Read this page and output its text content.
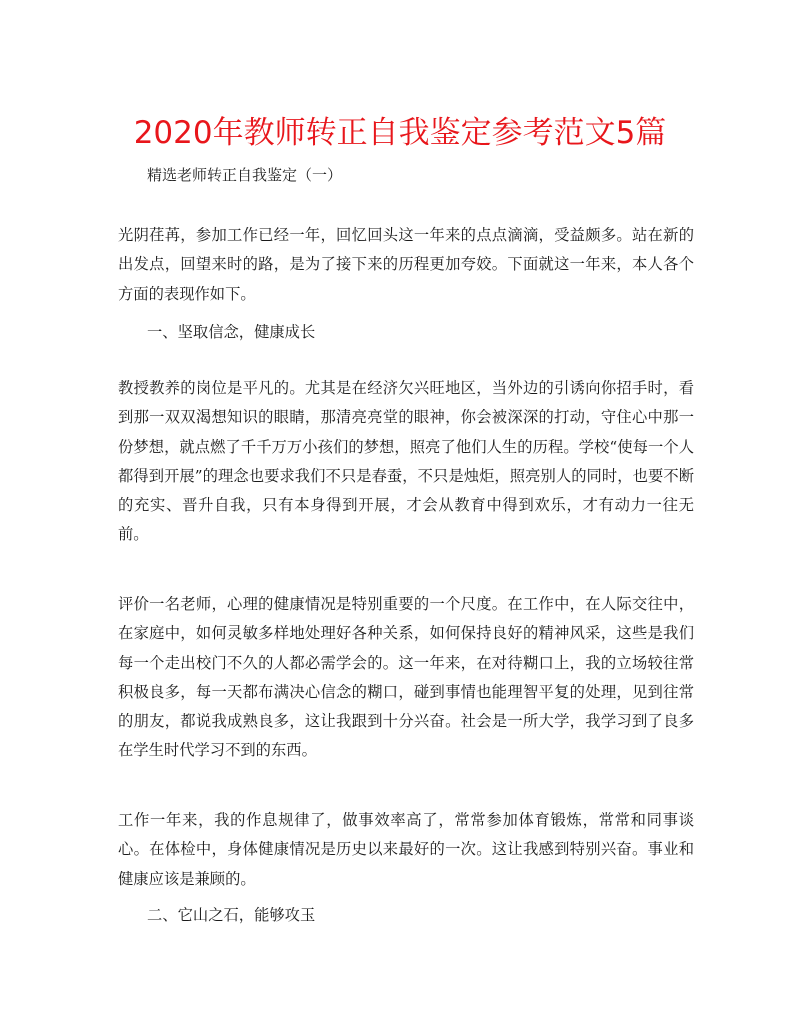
2020年教师转正自我鉴定参考范文5篇
精选老师转正自我鉴定（一）

光阴荏苒，参加工作已经一年，回忆回头这一年来的点点滴滴，受益颇多。站在新的出发点，回望来时的路，是为了接下来的历程更加夸姣。下面就这一年来，本人各个方面的表现作如下。

一、坚取信念，健康成长

教授教养的岗位是平凡的。尤其是在经济欠兴旺地区，当外边的引诱向你招手时，看到那一双双渴想知识的眼睛，那清亮亮堂的眼神，你会被深深的打动，守住心中那一份梦想，就点燃了千千万万小孩们的梦想，照亮了他们人生的历程。学校“使每一个人都得到开展”的理念也要求我们不只是春蚕，不只是烛炬，照亮别人的同时，也要不断的充实、晋升自我，只有本身得到开展，才会从教育中得到欢乐，才有动力一往无前。

评价一名老师，心理的健康情况是特别重要的一个尺度。在工作中，在人际交往中，在家庭中，如何灵敏多样地处理好各种关系，如何保持良好的精神风采，这些是我们每一个走出校门不久的人都必需学会的。这一年来，在对待糊口上，我的立场较往常积极良多，每一天都布满决心信念的糊口，碰到事情也能理智平复的处理，见到往常的朋友，都说我成熟良多，这让我跟到十分兴奋。社会是一所大学，我学习到了良多在学生时代学习不到的东西。

工作一年来，我的作息规律了，做事效率高了，常常参加体育锻炼，常常和同事谈心。在体检中，身体健康情况是历史以来最好的一次。这让我感到特别兴奋。事业和健康应该是兼顾的。

二、它山之石，能够攻玉
